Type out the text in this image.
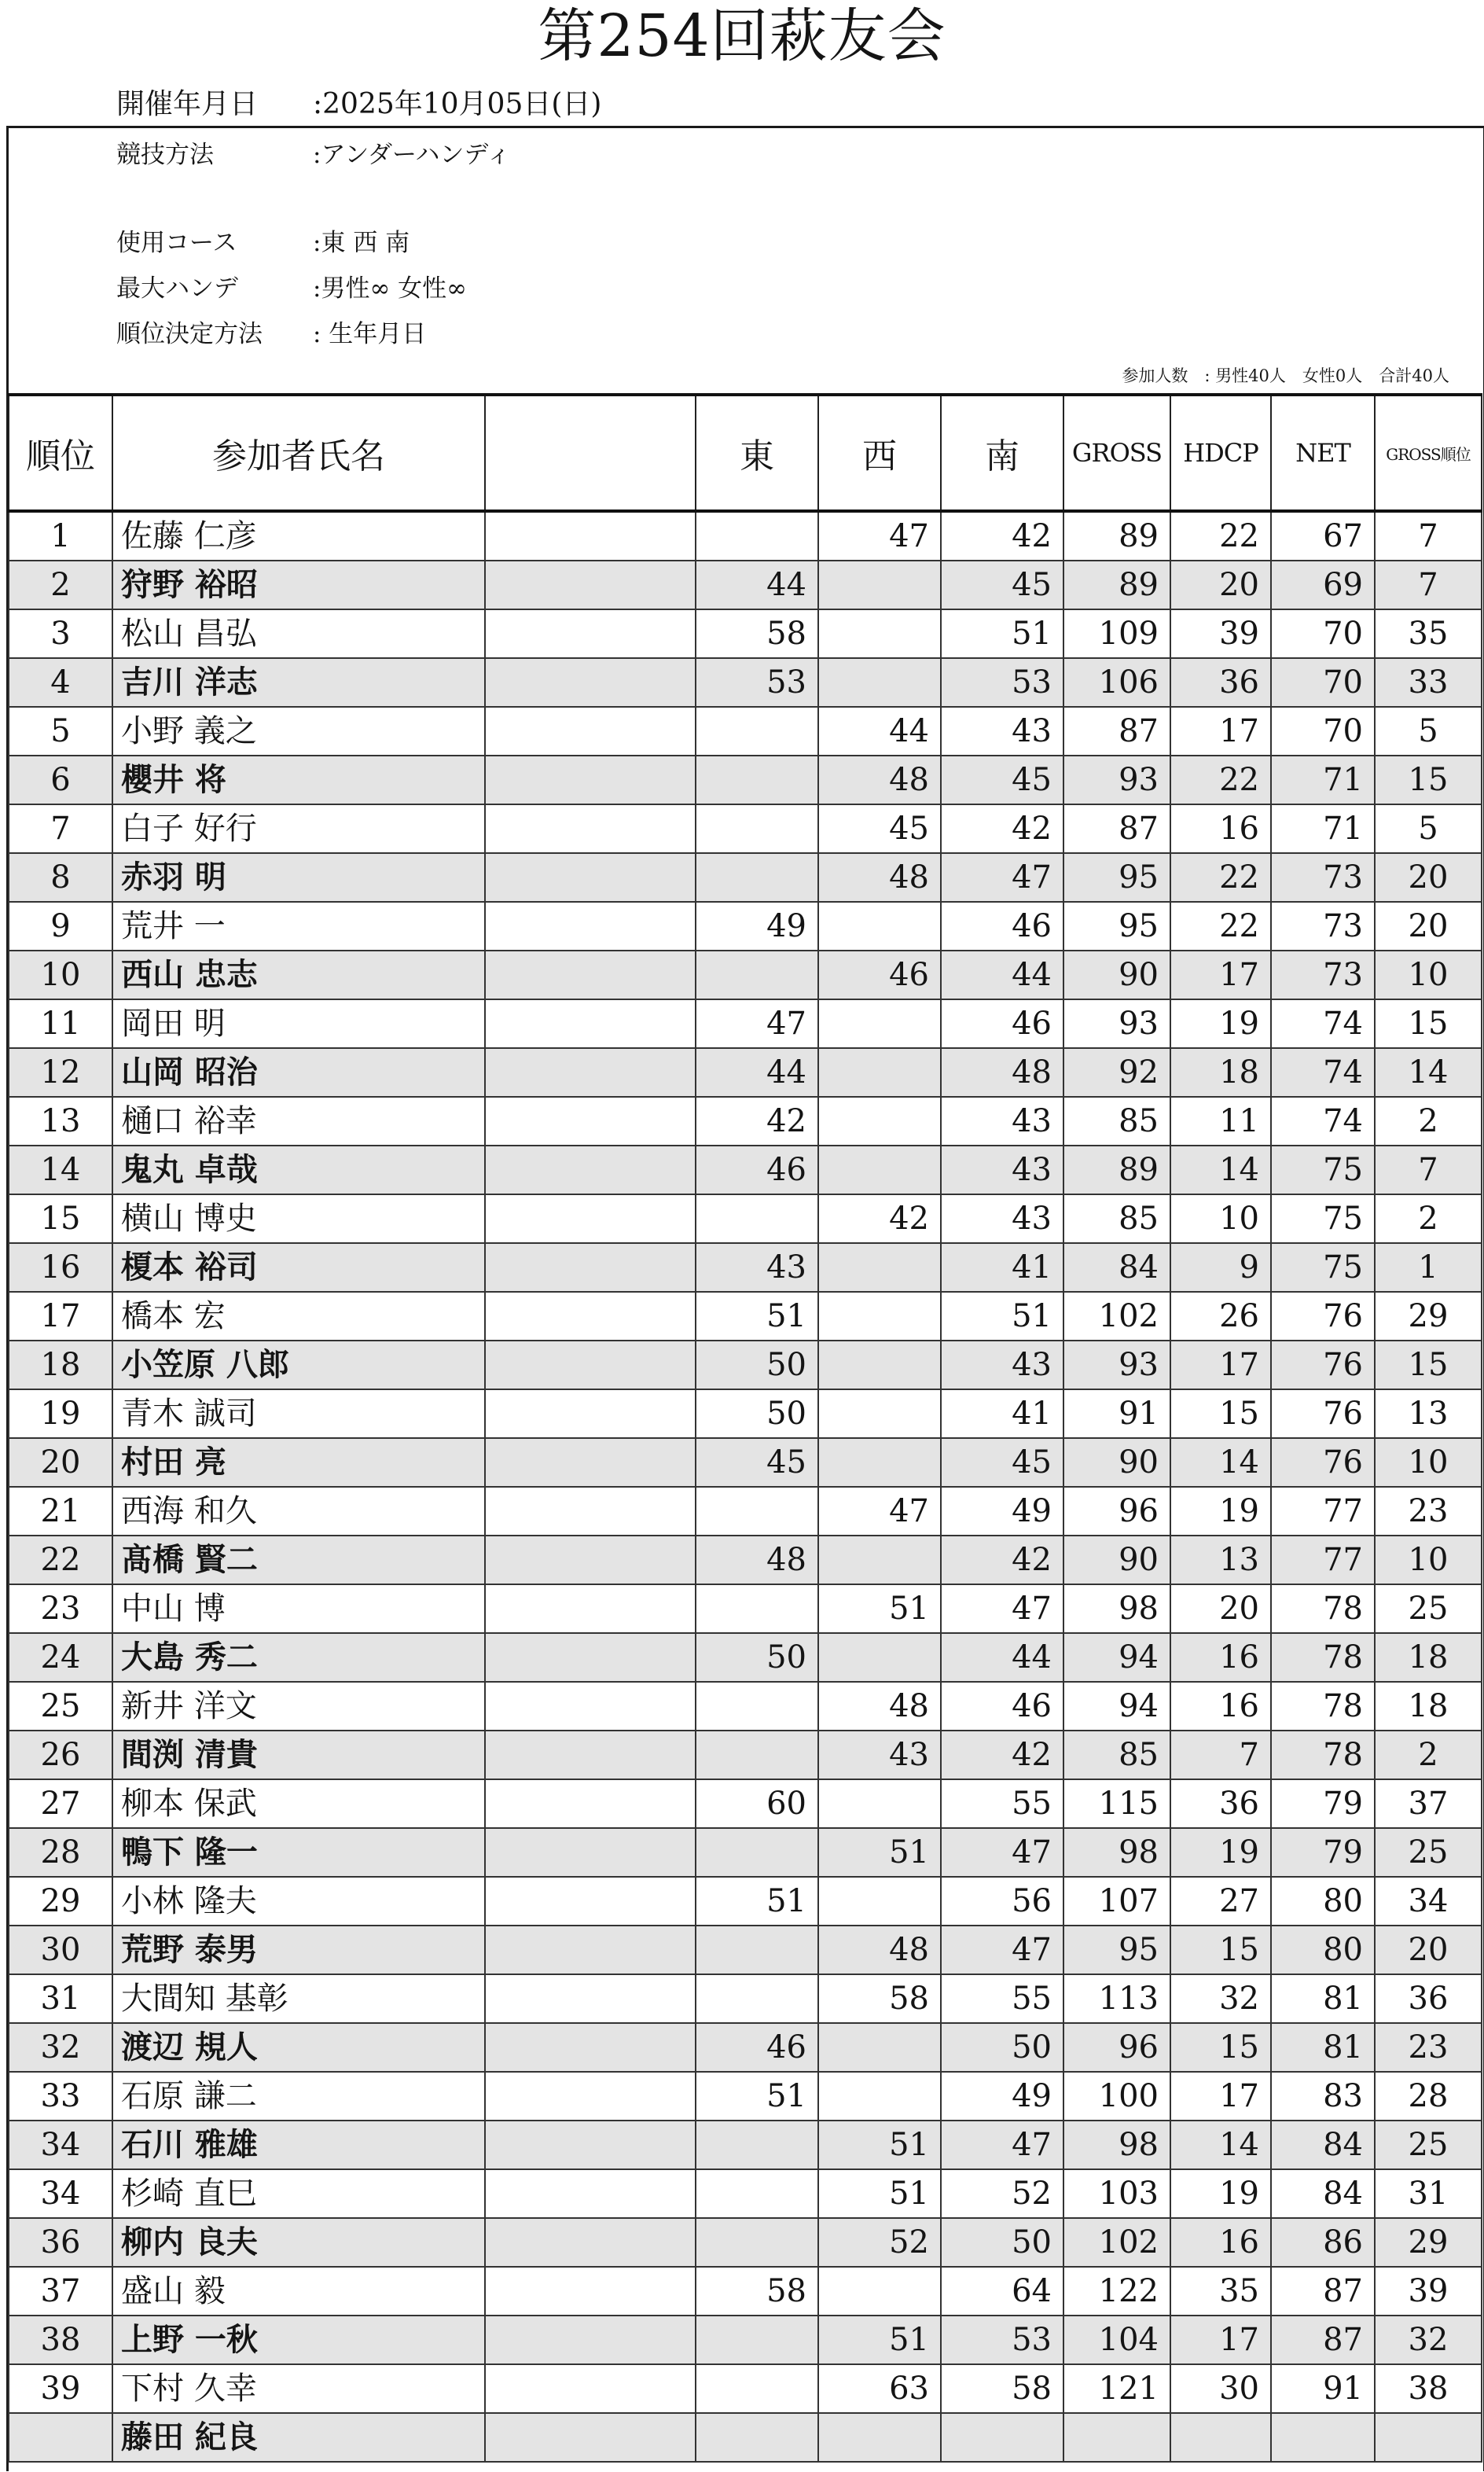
第254回萩友会
開催年月日 :2025年10月05日(日)
競技方法	:アンダーハンディ
使用コース	:東 西 南
最大ハンデ	:男性∞ 女性∞
順位決定方法 : 生年月日
参加人数　: 男性40人　女性0人　合計40人
順位	参加者氏名		東	西	南	GROSS	HDCP	NET	GROSS順位
1	佐藤 仁彦			47	42	89	22	67	7
2	狩野 裕昭		44		45	89	20	69	7
3	松山 昌弘		58		51	109	39	70	35
4	吉川 洋志		53		53	106	36	70	33
5	小野 義之			44	43	87	17	70	5
6	櫻井 将			48	45	93	22	71	15
7	白子 好行			45	42	87	16	71	5
8	赤羽 明			48	47	95	22	73	20
9	荒井 一		49		46	95	22	73	20
10	西山 忠志			46	44	90	17	73	10
11	岡田 明		47		46	93	19	74	15
12	山岡 昭治		44		48	92	18	74	14
13	樋口 裕幸		42		43	85	11	74	2
14	鬼丸 卓哉		46		43	89	14	75	7
15	横山 博史			42	43	85	10	75	2
16	榎本 裕司		43		41	84	9	75	1
17	橋本 宏		51		51	102	26	76	29
18	小笠原 八郎		50		43	93	17	76	15
19	青木 誠司		50		41	91	15	76	13
20	村田 亮		45		45	90	14	76	10
21	西海 和久			47	49	96	19	77	23
22	髙橋 賢二		48		42	90	13	77	10
23	中山 博			51	47	98	20	78	25
24	大島 秀二		50		44	94	16	78	18
25	新井 洋文			48	46	94	16	78	18
26	間渕 清貴			43	42	85	7	78	2
27	柳本 保武		60		55	115	36	79	37
28	鴨下 隆一			51	47	98	19	79	25
29	小林 隆夫		51		56	107	27	80	34
30	荒野 泰男			48	47	95	15	80	20
31	大間知 基彰			58	55	113	32	81	36
32	渡辺 規人		46		50	96	15	81	23
33	石原 謙二		51		49	100	17	83	28
34	石川 雅雄			51	47	98	14	84	25
34	杉崎 直巳			51	52	103	19	84	31
36	柳内 良夫			52	50	102	16	86	29
37	盛山 毅		58		64	122	35	87	39
38	上野 一秋			51	53	104	17	87	32
39	下村 久幸			63	58	121	30	91	38
	藤田 紀良								
